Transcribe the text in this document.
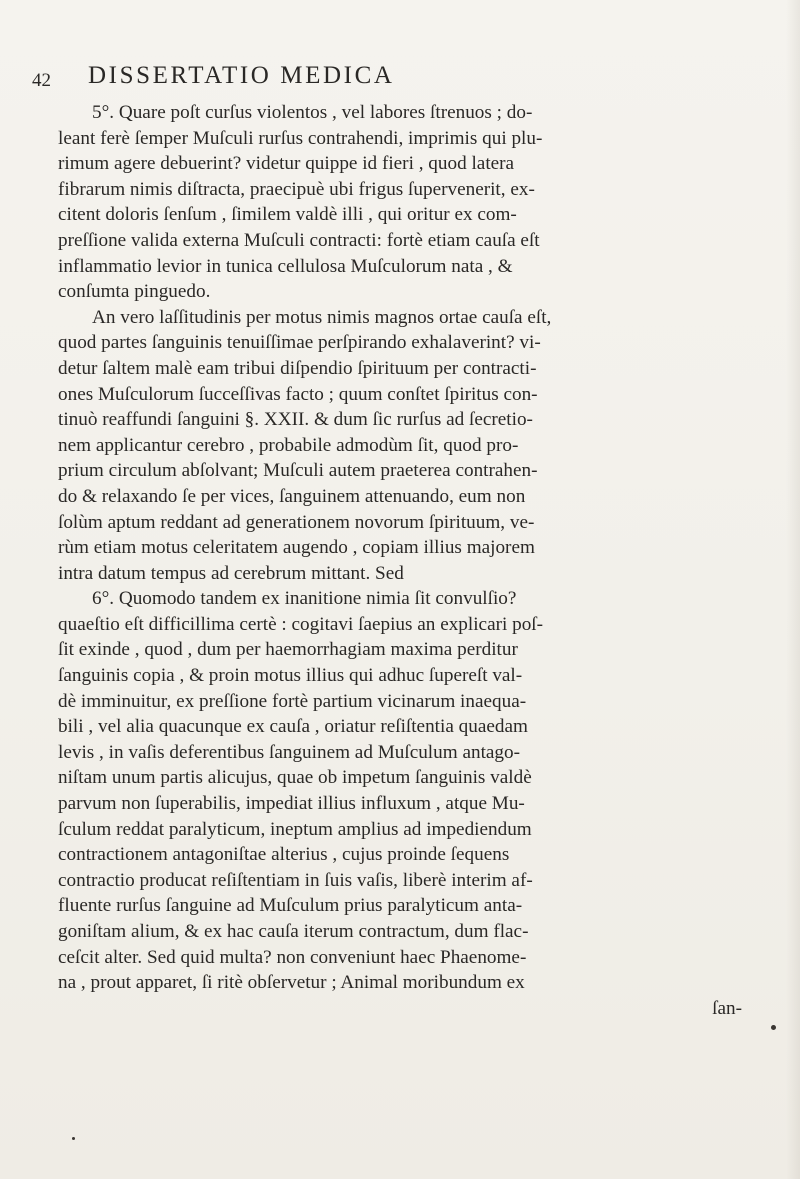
42 DISSERTATIO MEDICA
5°. Quare poſt curſus violentos , vel labores ſtrenuos ; do-
leant ferè ſemper Muſculi rurſus contrahendi, imprimis qui plu-
rimum agere debuerint? videtur quippe id fieri , quod latera
fibrarum nimis diſtracta, praecipuè ubi frigus ſupervenerit, ex-
citent doloris ſenſum , ſimilem valdè illi , qui oritur ex com-
preſſione valida externa Muſculi contracti: fortè etiam cauſa eſt
inflammatio levior in tunica cellulosa Muſculorum nata , &
conſumta pinguedo.
An vero laſſitudinis per motus nimis magnos ortae cauſa eſt,
quod partes ſanguinis tenuiſſimae perſpirando exhalaverint? vi-
detur ſaltem malè eam tribui diſpendio ſpirituum per contracti-
ones Muſculorum ſucceſſivas facto ; quum conſtet ſpiritus con-
tinuò reaffundi ſanguini §. XXII. & dum ſic rurſus ad ſecretio-
nem applicantur cerebro , probabile admodùm ſit, quod pro-
prium circulum abſolvant; Muſculi autem praeterea contrahen-
do & relaxando ſe per vices, ſanguinem attenuando, eum non
ſolùm aptum reddant ad generationem novorum ſpirituum, ve-
rùm etiam motus celeritatem augendo , copiam illius majorem
intra datum tempus ad cerebrum mittant. Sed
6°. Quomodo tandem ex inanitione nimia ſit convulſio?
quaeſtio eſt difficillima certè : cogitavi ſaepius an explicari poſ-
ſit exinde , quod , dum per haemorrhagiam maxima perditur
ſanguinis copia , & proin motus illius qui adhuc ſupereſt val-
dè imminuitur, ex preſſione fortè partium vicinarum inaequa-
bili , vel alia quacunque ex cauſa , oriatur reſiſtentia quaedam
levis , in vaſis deferentibus ſanguinem ad Muſculum antago-
niſtam unum partis alicujus, quae ob impetum ſanguinis valdè
parvum non ſuperabilis, impediat illius influxum , atque Mu-
ſculum reddat paralyticum, ineptum amplius ad impediendum
contractionem antagoniſtae alterius , cujus proinde ſequens
contractio producat reſiſtentiam in ſuis vaſis, liberè interim af-
fluente rurſus ſanguine ad Muſculum prius paralyticum anta-
goniſtam alium, & ex hac cauſa iterum contractum, dum flac-
ceſcit alter. Sed quid multa? non conveniunt haec Phaenome-
na , prout apparet, ſi ritè obſervetur ; Animal moribundum ex
ſan-
